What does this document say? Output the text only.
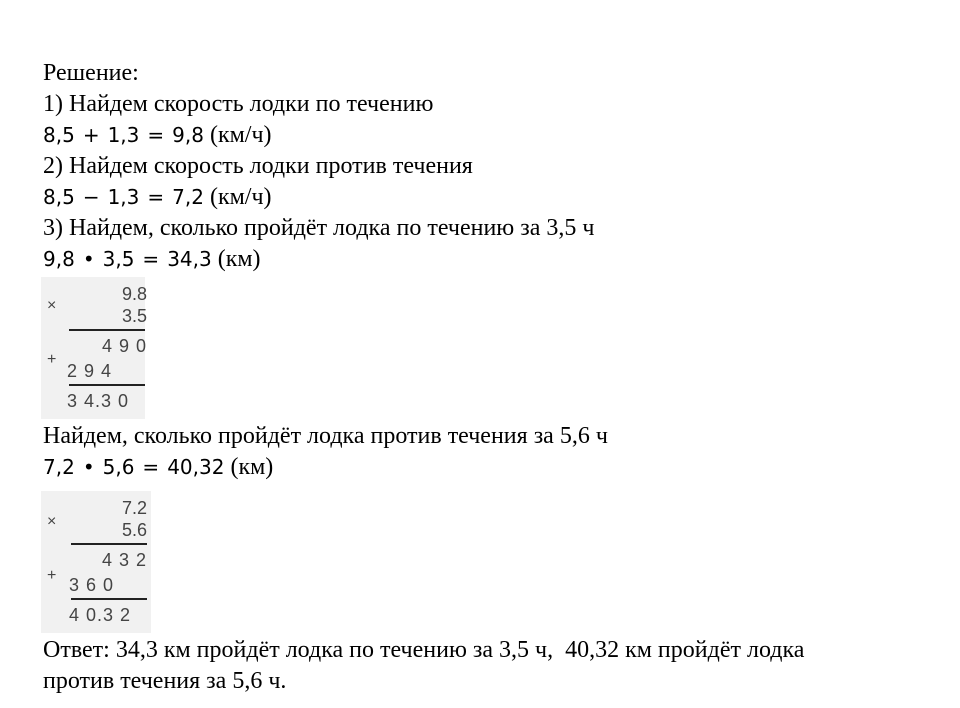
Решение:
1) Найдем скорость лодки по течению
8,5 + 1,3 = 9,8 (км/ч)
2) Найдем скорость лодки против течения
8,5 − 1,3 = 7,2 (км/ч)
3) Найдем, сколько пройдёт лодка по течению за 3,5 ч
9,8 • 3,5 = 34,3 (км)
×
9.8
3.5
+
4 9 0
2 9 4
3 4.3 0
Найдем, сколько пройдёт лодка против течения за 5,6 ч
7,2 • 5,6 = 40,32 (км)
×
7.2
5.6
+
4 3 2
3 6 0
4 0.3 2
Ответ: 34,3 км пройдёт лодка по течению за 3,5 ч,  40,32 км пройдёт лодка
против течения за 5,6 ч.
